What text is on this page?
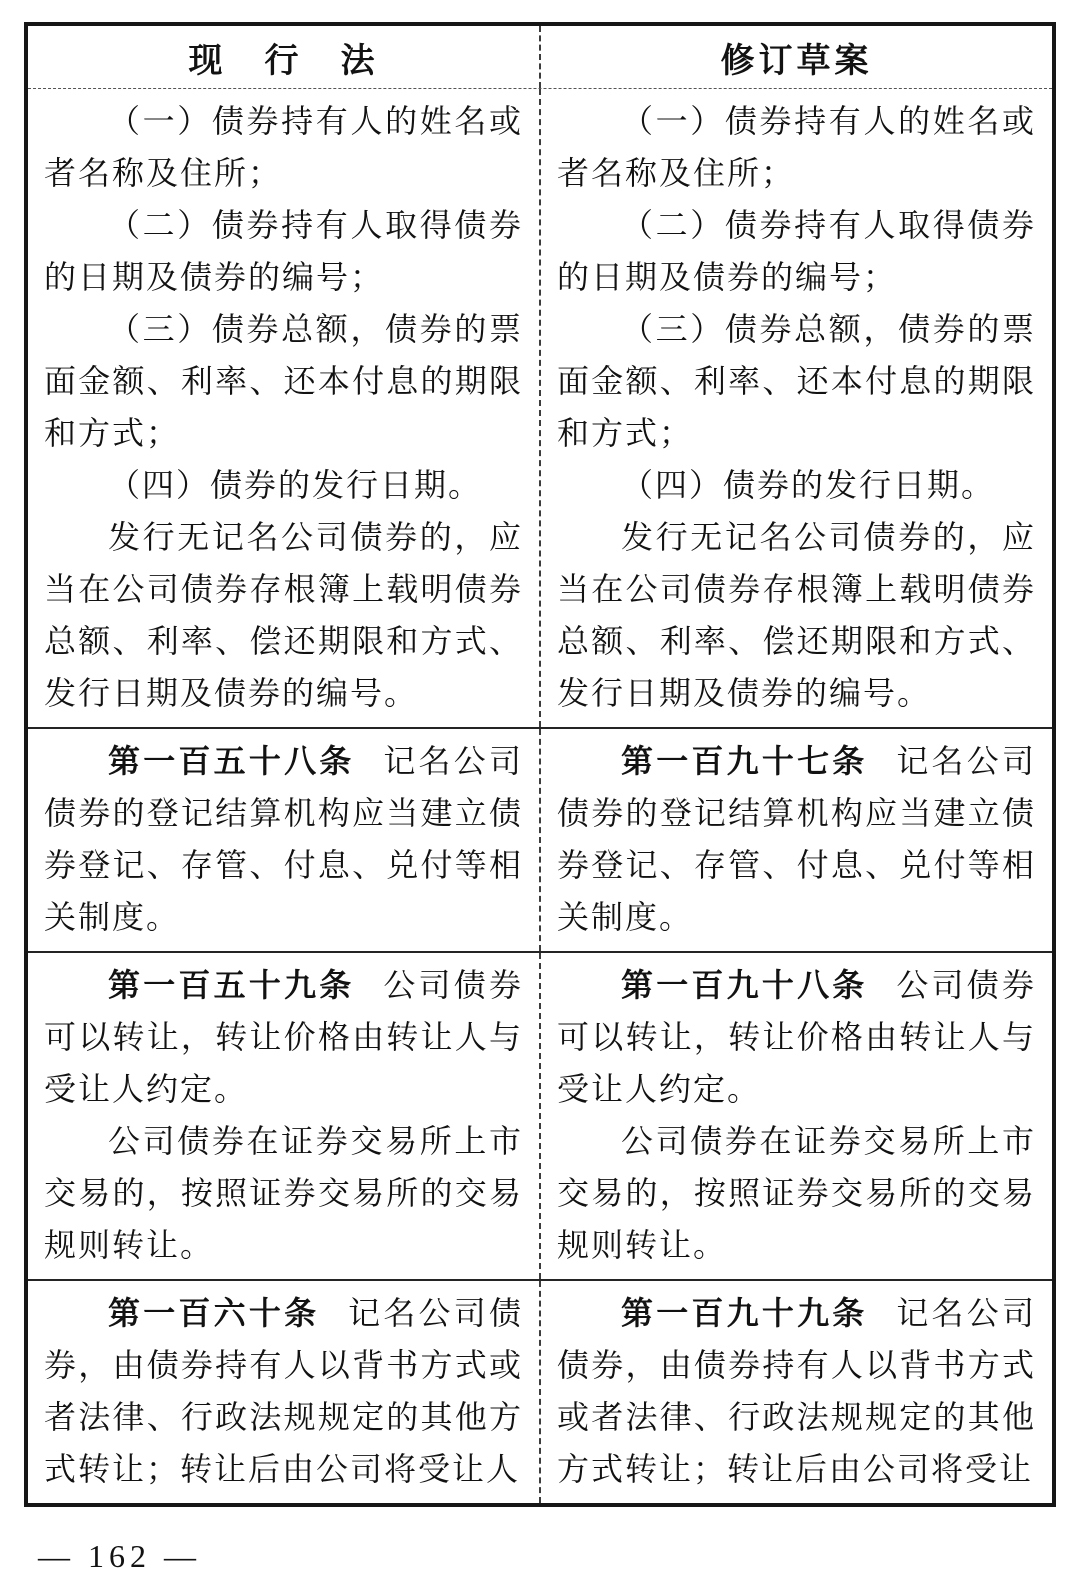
现　行　法	修订草案

（一）债券持有人的姓名或者名称及住所；

（二）债券持有人取得债券的日期及债券的编号；

（三）债券总额，债券的票面金额、利率、还本付息的期限和方式；

（四）债券的发行日期。

发行无记名公司债券的，应当在公司债券存根簿上载明债券总额、利率、偿还期限和方式、发行日期及债券的编号。

（一）债券持有人的姓名或者名称及住所；

（二）债券持有人取得债券的日期及债券的编号；

（三）债券总额，债券的票面金额、利率、还本付息的期限和方式；

（四）债券的发行日期。

发行无记名公司债券的，应当在公司债券存根簿上载明债券总额、利率、偿还期限和方式、发行日期及债券的编号。

第一百五十八条 记名公司债券的登记结算机构应当建立债券登记、存管、付息、兑付等相关制度。

第一百九十七条 记名公司债券的登记结算机构应当建立债券登记、存管、付息、兑付等相关制度。

第一百五十九条 公司债券可以转让，转让价格由转让人与受让人约定。

公司债券在证券交易所上市交易的，按照证券交易所的交易规则转让。

第一百九十八条 公司债券可以转让，转让价格由转让人与受让人约定。

公司债券在证券交易所上市交易的，按照证券交易所的交易规则转让。

第一百六十条 记名公司债券，由债券持有人以背书方式或者法律、行政法规规定的其他方式转让；转让后由公司将受让人

第一百九十九条 记名公司债券，由债券持有人以背书方式或者法律、行政法规规定的其他方式转让；转让后由公司将受让

— 162 —
